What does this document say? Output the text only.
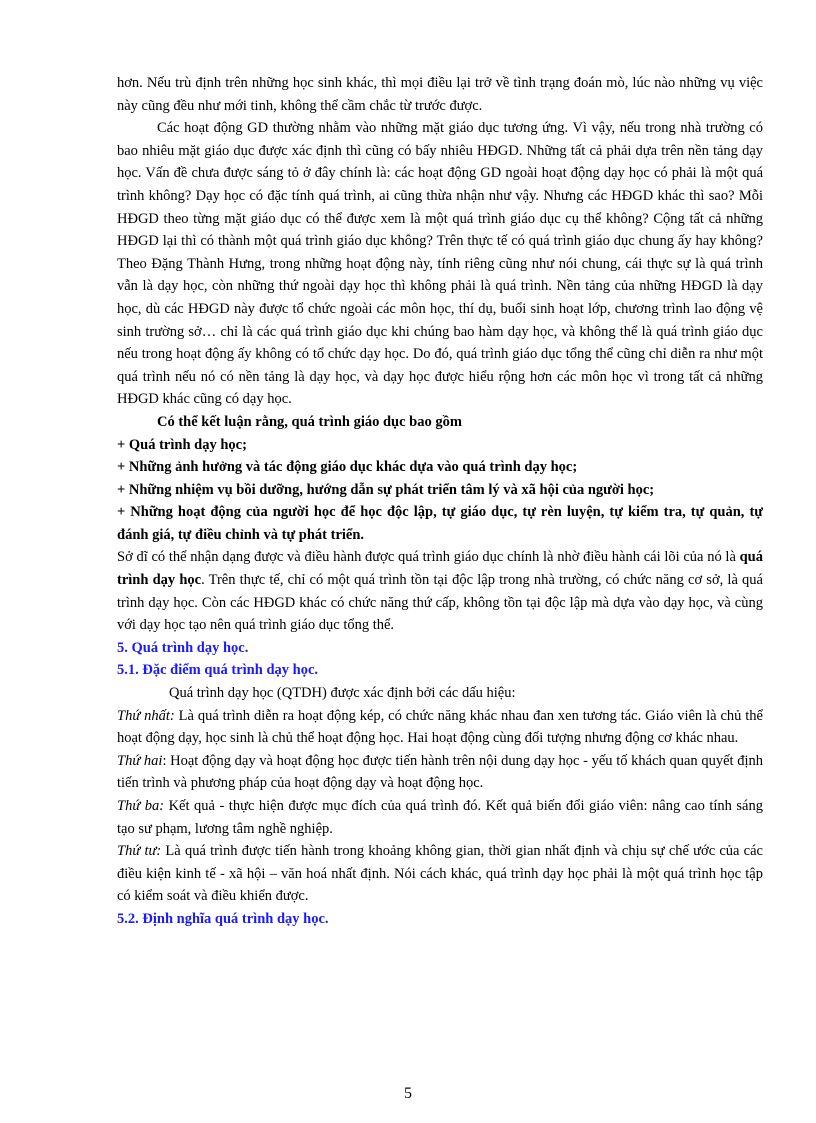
hơn. Nếu trù định trên những học sinh khác, thì mọi điều lại trở về tình trạng đoán mò, lúc nào những vụ việc này cũng đều như mới tinh, không thể cầm chắc từ trước được.

Các hoạt động GD thường nhằm vào những mặt giáo dục tương ứng. Vì vậy, nếu trong nhà trường có bao nhiêu mặt giáo dục được xác định thì cũng có bấy nhiêu HĐGD. Những tất cả phải dựa trên nền tảng dạy học. Vấn đề chưa được sáng tỏ ở đây chính là: các hoạt động GD ngoài hoạt động dạy học có phải là một quá trình không? Dạy học có đặc tính quá trình, ai cũng thừa nhận như vậy. Nhưng các HĐGD khác thì sao? Mỗi HĐGD theo từng mặt giáo dục có thể được xem là một quá trình giáo dục cụ thể không? Cộng tất cả những HĐGD lại thì có thành một quá trình giáo dục không? Trên thực tế có quá trình giáo dục chung ấy hay không? Theo Đặng Thành Hưng, trong những hoạt động này, tính riêng cũng như nói chung, cái thực sự là quá trình vẫn là dạy học, còn những thứ ngoài dạy học thì không phải là quá trình. Nền tảng của những HĐGD là dạy học, dù các HĐGD này được tổ chức ngoài các môn học, thí dụ, buổi sinh hoạt lớp, chương trình lao động vệ sinh trường sở… chỉ là các quá trình giáo dục khi chúng bao hàm dạy học, và không thể là quá trình giáo dục nếu trong hoạt động ấy không có tổ chức dạy học. Do đó, quá trình giáo dục tổng thể cũng chỉ diễn ra như một quá trình nếu nó có nền tảng là dạy học, và dạy học được hiểu rộng hơn các môn học vì trong tất cả những HĐGD khác cũng có dạy học.

Có thể kết luận rằng, quá trình giáo dục bao gồm

+ Quá trình dạy học;

+ Những ảnh hưởng và tác động giáo dục khác dựa vào quá trình dạy học;

+ Những nhiệm vụ bồi dưỡng, hướng dẫn sự phát triển tâm lý và xã hội của người học;

+ Những hoạt động của người học để học độc lập, tự giáo dục, tự rèn luyện, tự kiểm tra, tự quản, tự đánh giá, tự điều chỉnh và tự phát triển.

Sở dĩ có thể nhận dạng được và điều hành được quá trình giáo dục chính là nhờ điều hành cái lõi của nó là quá trình dạy học. Trên thực tế, chỉ có một quá trình tồn tại độc lập trong nhà trường, có chức năng cơ sở, là quá trình dạy học. Còn các HĐGD khác có chức năng thứ cấp, không tồn tại độc lập mà dựa vào dạy học, và cùng với dạy học tạo nên quá trình giáo dục tổng thể.

5. Quá trình dạy học.

5.1. Đặc điểm quá trình dạy học.

Quá trình dạy học (QTDH) được xác định bởi các dấu hiệu:

Thứ nhất: Là quá trình diễn ra hoạt động kép, có chức năng khác nhau đan xen tương tác. Giáo viên là chủ thể hoạt động dạy, học sinh là chủ thể hoạt động học. Hai hoạt động cùng đối tượng nhưng động cơ khác nhau.

Thứ hai: Hoạt động dạy và hoạt động học được tiến hành trên nội dung dạy học - yếu tố khách quan quyết định tiến trình và phương pháp của hoạt động dạy và hoạt động học.

Thứ ba: Kết quả - thực hiện được mục đích của quá trình đó. Kết quả biến đổi giáo viên: nâng cao tính sáng tạo sư phạm, lương tâm nghề nghiệp.

Thứ tư: Là quá trình được tiến hành trong khoảng không gian, thời gian nhất định và chịu sự chế ước của các điều kiện kinh tế - xã hội – văn hoá nhất định. Nói cách khác, quá trình dạy học phải là một quá trình học tập có kiểm soát và điều khiển được.

5.2. Định nghĩa quá trình dạy học.

5
